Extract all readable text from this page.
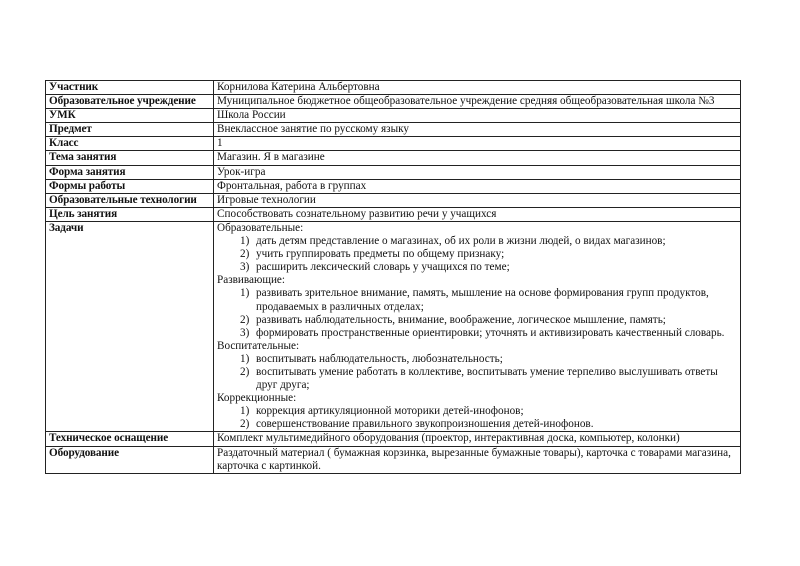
Участник	Корнилова Катерина Альбертовна
Образовательное учреждение	Муниципальное бюджетное общеобразовательное учреждение средняя общеобразовательная школа №3
УМК	Школа России
Предмет	Внеклассное занятие по русскому языку
Класс	1
Тема занятия	Магазин. Я в магазине
Форма занятия	Урок-игра
Формы работы	Фронтальная, работа в группах
Образовательные технологии	Игровые технологии
Цель занятия	Способствовать сознательному развитию речи у учащихся
Задачи	Образовательные:
1) дать детям представление о магазинах, об их роли в жизни людей, о видах магазинов;
2) учить группировать предметы по общему признаку;
3) расширить лексический словарь у учащихся по теме;
Развивающие:
1) развивать зрительное внимание, память, мышление на основе формирования групп продуктов, продаваемых в различных отделах;
2) развивать наблюдательность, внимание, воображение, логическое мышление, память;
3) формировать пространственные ориентировки; уточнять и активизировать качественный словарь.
Воспитательные:
1) воспитывать наблюдательность, любознательность;
2) воспитывать умение работать в коллективе, воспитывать умение терпеливо выслушивать ответы друг друга;
Коррекционные:
1) коррекция артикуляционной моторики детей-инофонов;
2) совершенствование правильного звукопроизношения детей-инофонов.

Техническое оснащение	Комплект мультимедийного оборудования (проектор, интерактивная доска, компьютер, колонки)
Оборудование	Раздаточный материал ( бумажная корзинка, вырезанные бумажные товары), карточка с товарами магазина, карточка с картинкой.
